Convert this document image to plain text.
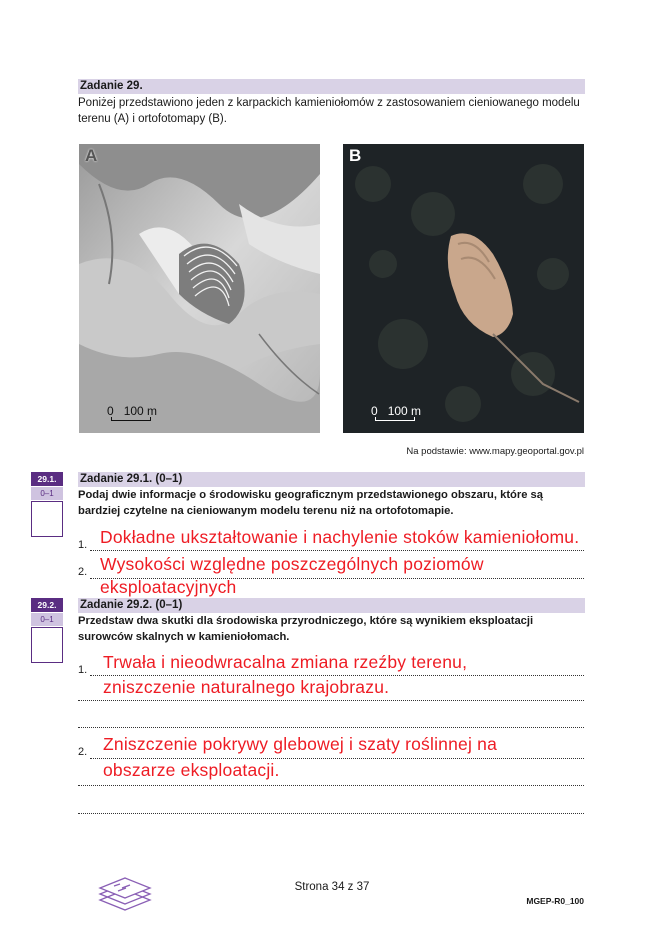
Zadanie 29.
Poniżej przedstawiono jeden z karpackich kamieniołomów z zastosowaniem cieniowanego modelu terenu (A) i ortofotomapy (B).
A
0 100 m
B
0 100 m
Na podstawie: www.mapy.geoportal.gov.pl
29.1.
0–1
Zadanie 29.1. (0–1)
Podaj dwie informacje o środowisku geograficznym przedstawionego obszaru, które są bardziej czytelne na cieniowanym modelu terenu niż na ortofotomapie.
1. Dokładne ukształtowanie i nachylenie stoków kamieniołomu.
2. Wysokości względne poszczególnych poziomów
eksploatacyjnych
29.2.
0–1
Zadanie 29.2. (0–1)
Przedstaw dwa skutki dla środowiska przyrodniczego, które są wynikiem eksploatacji surowców skalnych w kamieniołomach.
1. Trwała i nieodwracalna zmiana rzeźby terenu,
zniszczenie naturalnego krajobrazu.
2. Zniszczenie pokrywy glebowej i szaty roślinnej na
obszarze eksploatacji.
Strona 34 z 37
MGEP-R0_100
